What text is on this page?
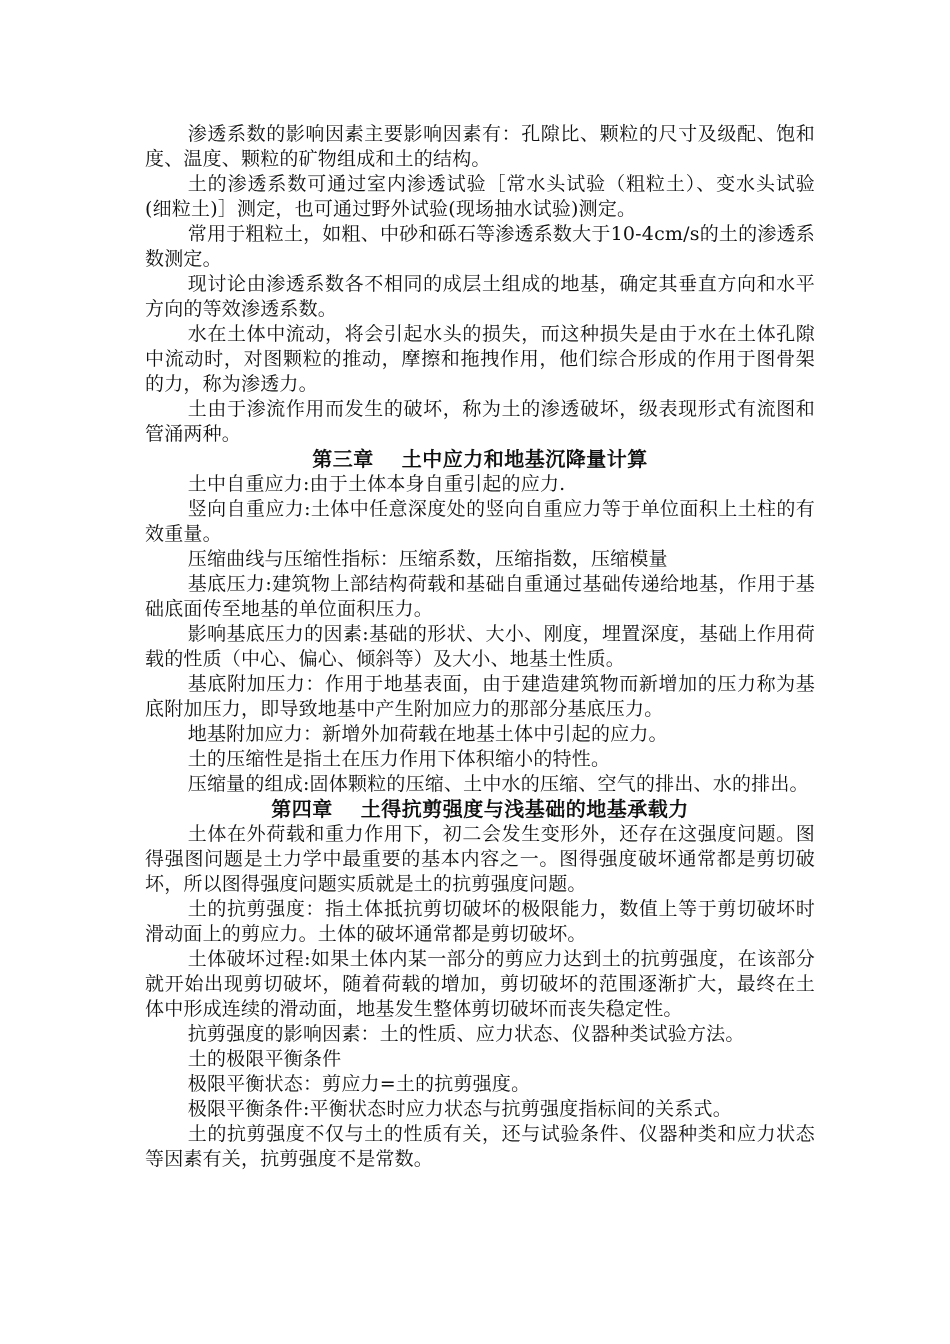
渗透系数的影响因素主要影响因素有：孔隙比、颗粒的尺寸及级配、饱和度、温度、颗粒的矿物组成和土的结构。

土的渗透系数可通过室内渗透试验［常水头试验（粗粒土）、变水头试验(细粒土)］测定，也可通过野外试验(现场抽水试验)测定。

常用于粗粒土，如粗、中砂和砾石等渗透系数大于10-4cm/s的土的渗透系数测定。

现讨论由渗透系数各不相同的成层土组成的地基，确定其垂直方向和水平方向的等效渗透系数。

水在土体中流动，将会引起水头的损失，而这种损失是由于水在土体孔隙中流动时，对图颗粒的推动，摩擦和拖拽作用，他们综合形成的作用于图骨架的力，称为渗透力。

土由于渗流作用而发生的破坏，称为土的渗透破坏，级表现形式有流图和管涌两种。

第三章 土中应力和地基沉降量计算

土中自重应力:由于土体本身自重引起的应力.

竖向自重应力:土体中任意深度处的竖向自重应力等于单位面积上土柱的有效重量。

压缩曲线与压缩性指标：压缩系数，压缩指数，压缩模量

基底压力:建筑物上部结构荷载和基础自重通过基础传递给地基，作用于基础底面传至地基的单位面积压力。

影响基底压力的因素:基础的形状、大小、刚度，埋置深度，基础上作用荷载的性质（中心、偏心、倾斜等）及大小、地基土性质。

基底附加压力：作用于地基表面，由于建造建筑物而新增加的压力称为基底附加压力，即导致地基中产生附加应力的那部分基底压力。

地基附加应力：新增外加荷载在地基土体中引起的应力。

土的压缩性是指土在压力作用下体积缩小的特性。

压缩量的组成:固体颗粒的压缩、土中水的压缩、空气的排出、水的排出。

第四章 土得抗剪强度与浅基础的地基承载力

土体在外荷载和重力作用下，初二会发生变形外，还存在这强度问题。图得强图问题是土力学中最重要的基本内容之一。图得强度破坏通常都是剪切破坏，所以图得强度问题实质就是土的抗剪强度问题。

土的抗剪强度：指土体抵抗剪切破坏的极限能力，数值上等于剪切破坏时滑动面上的剪应力。土体的破坏通常都是剪切破坏。

土体破坏过程:如果土体内某一部分的剪应力达到土的抗剪强度，在该部分就开始出现剪切破坏，随着荷载的增加，剪切破坏的范围逐渐扩大，最终在土体中形成连续的滑动面，地基发生整体剪切破坏而丧失稳定性。

抗剪强度的影响因素：土的性质、应力状态、仪器种类试验方法。

土的极限平衡条件

极限平衡状态：剪应力=土的抗剪强度。

极限平衡条件:平衡状态时应力状态与抗剪强度指标间的关系式。

土的抗剪强度不仅与土的性质有关，还与试验条件、仪器种类和应力状态等因素有关，抗剪强度不是常数。
